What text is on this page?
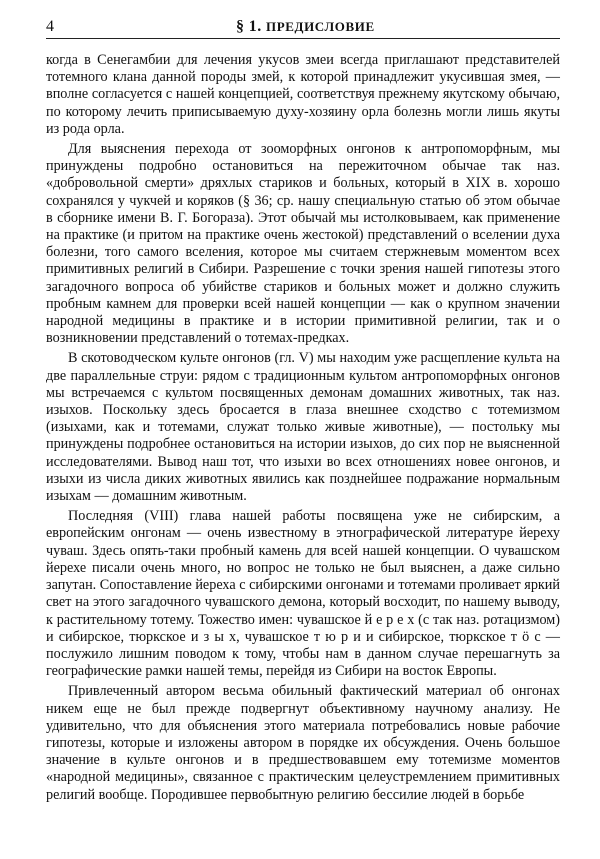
4	§ 1. ПРЕДИСЛОВИЕ

когда в Сенегамбии для лечения укусов змеи всегда приглашают представителей тотемного клана данной породы змей, к которой принадлежит укусившая змея, — вполне согласуется с нашей концепцией, соответствуя прежнему якутскому обычаю, по которому лечить приписываемую духу-хозяину орла болезнь могли лишь якуты из рода орла.

Для выяснения перехода от зооморфных онгонов к антропоморфным, мы принуждены подробно остановиться на пережиточном обычае так наз. «добровольной смерти» дряхлых стариков и больных, который в XIX в. хорошо сохранялся у чукчей и коряков (§ 36; ср. нашу специальную статью об этом обычае в сборнике имени В. Г. Богораза). Этот обычай мы истолковываем, как применение на практике (и притом на практике очень жестокой) представлений о вселении духа болезни, того самого вселения, которое мы считаем стержневым моментом всех примитивных религий в Сибири. Разрешение с точки зрения нашей гипотезы этого загадочного вопроса об убийстве стариков и больных может и должно служить пробным камнем для проверки всей нашей концепции — как о крупном значении народной медицины в практике и в истории примитивной религии, так и о возникновении представлений о тотемах-предках.

В скотоводческом культе онгонов (гл. V) мы находим уже расщепление культа на две параллельные струи: рядом с традиционным культом антропоморфных онгонов мы встречаемся с культом посвященных демонам домашних животных, так наз. изыхов. Поскольку здесь бросается в глаза внешнее сходство с тотемизмом (изыхами, как и тотемами, служат только живые животные), — постольку мы принуждены подробнее остановиться на истории изыхов, до сих пор не выясненной исследователями. Вывод наш тот, что изыхи во всех отношениях новее онгонов, и изыхи из числа диких животных явились как позднейшее подражание нормальным изыхам — домашним животным.

Последняя (VIII) глава нашей работы посвящена уже не сибирским, а европейским онгонам — очень известному в этнографической литературе йереху чуваш. Здесь опять-таки пробный камень для всей нашей концепции. О чувашском йерехе писали очень много, но вопрос не только не был выяснен, а даже сильно запутан. Сопоставление йереха с сибирскими онгонами и тотемами проливает яркий свет на этого загадочного чувашского демона, который восходит, по нашему выводу, к растительному тотему. Тожество имен: чувашское й е р е х (с так наз. ротацизмом) и сибирское, тюркское и з ы х, чувашское т ю р и и сибирское, тюркское т ö с — послужило лишним поводом к тому, чтобы нам в данном случае перешагнуть за географические рамки нашей темы, перейдя из Сибири на восток Европы.

Привлеченный автором весьма обильный фактический материал об онгонах никем еще не был прежде подвергнут объективному научному анализу. Не удивительно, что для объяснения этого материала потребовались новые рабочие гипотезы, которые и изложены автором в порядке их обсуждения. Очень большое значение в культе онгонов и в предшествовавшем ему тотемизме моментов «народной медицины», связанное с практическим целеустремлением примитивных религий вообще. Породившее первобытную религию бессилие людей в борьбе
